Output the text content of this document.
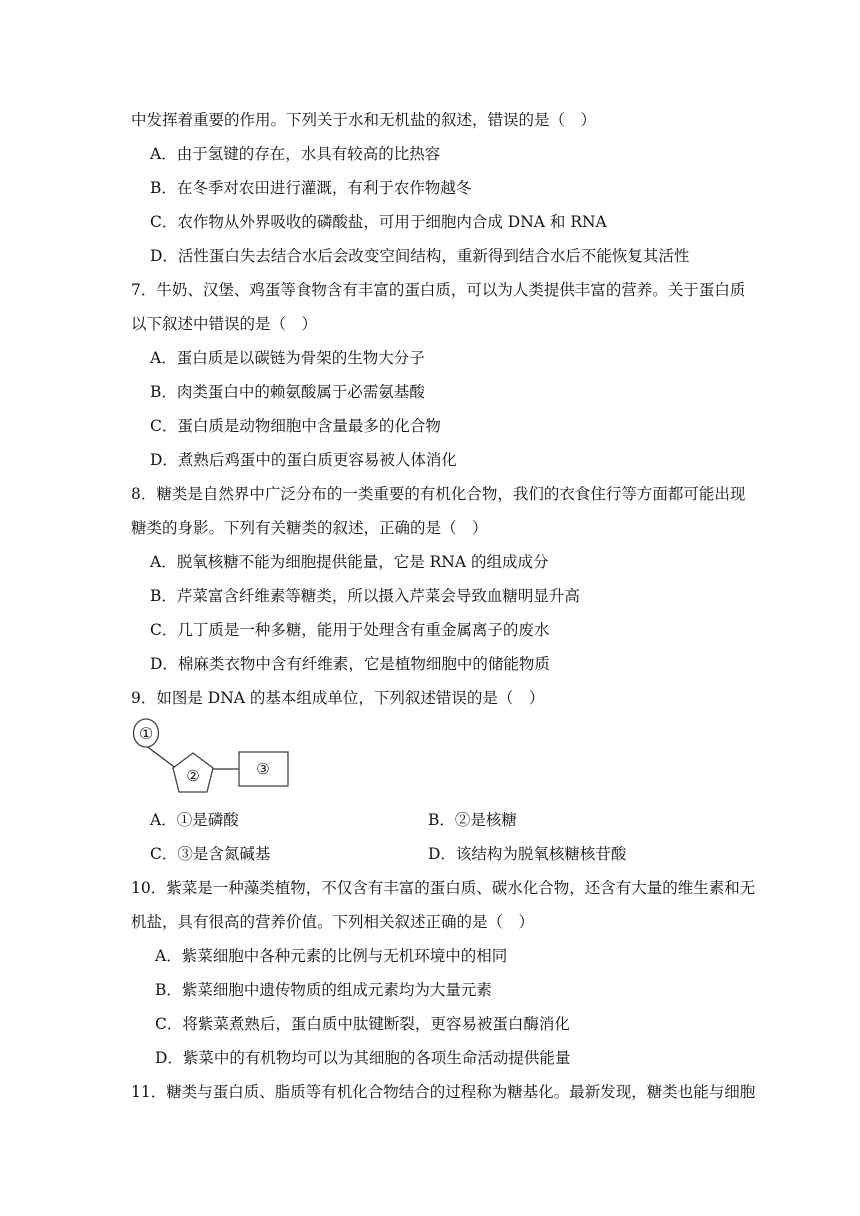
中发挥着重要的作用。下列关于水和无机盐的叙述，错误的是（　）
A．由于氢键的存在，水具有较高的比热容
B．在冬季对农田进行灌溉，有利于农作物越冬
C．农作物从外界吸收的磷酸盐，可用于细胞内合成 DNA 和 RNA
D．活性蛋白失去结合水后会改变空间结构，重新得到结合水后不能恢复其活性
7．牛奶、汉堡、鸡蛋等食物含有丰富的蛋白质，可以为人类提供丰富的营养。关于蛋白质
以下叙述中错误的是（　）
A．蛋白质是以碳链为骨架的生物大分子
B．肉类蛋白中的赖氨酸属于必需氨基酸
C．蛋白质是动物细胞中含量最多的化合物
D．煮熟后鸡蛋中的蛋白质更容易被人体消化
8．糖类是自然界中广泛分布的一类重要的有机化合物，我们的衣食住行等方面都可能出现
糖类的身影。下列有关糖类的叙述，正确的是（　）
A．脱氧核糖不能为细胞提供能量，它是 RNA 的组成成分
B．芹菜富含纤维素等糖类，所以摄入芹菜会导致血糖明显升高
C．几丁质是一种多糖，能用于处理含有重金属离子的废水
D．棉麻类衣物中含有纤维素，它是植物细胞中的储能物质
9．如图是 DNA 的基本组成单位，下列叙述错误的是（　）
①
②	③
A．①是磷酸	B．②是核糖
C．③是含氮碱基	D．该结构为脱氧核糖核苷酸
10．紫菜是一种藻类植物，不仅含有丰富的蛋白质、碳水化合物，还含有大量的维生素和无
机盐，具有很高的营养价值。下列相关叙述正确的是（　）
A．紫菜细胞中各种元素的比例与无机环境中的相同
B．紫菜细胞中遗传物质的组成元素均为大量元素
C．将紫菜煮熟后，蛋白质中肽键断裂，更容易被蛋白酶消化
D．紫菜中的有机物均可以为其细胞的各项生命活动提供能量
11．糖类与蛋白质、脂质等有机化合物结合的过程称为糖基化。最新发现，糖类也能与细胞
